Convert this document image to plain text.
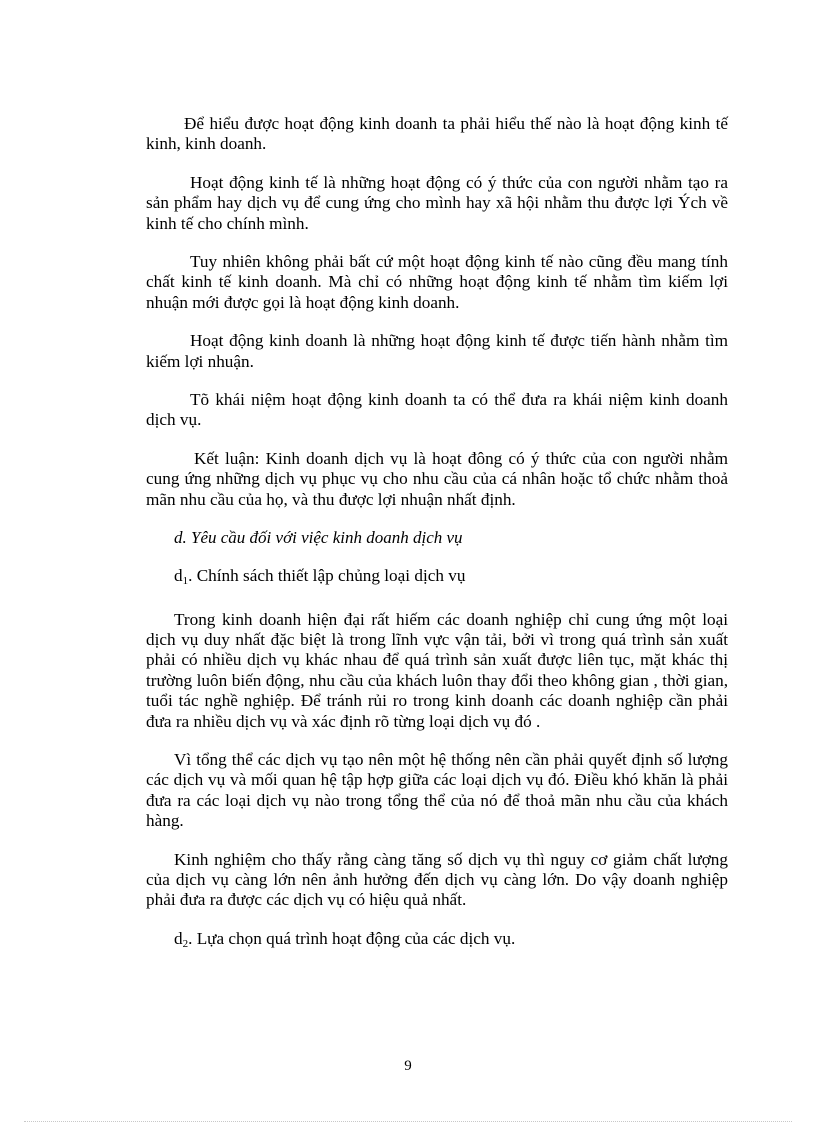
Để hiểu được hoạt động kinh doanh ta phải hiểu thế nào là hoạt động kinh tế kinh, kinh doanh.

Hoạt động kinh tế là những hoạt động có ý thức của con người nhằm tạo ra sản phẩm hay dịch vụ để cung ứng cho mình hay xã hội nhằm thu được lợi Ých về kinh tế cho chính mình.

Tuy nhiên không phải bất cứ một hoạt động kinh tế nào cũng đều mang tính chất kinh tế kinh doanh. Mà chỉ có những hoạt động kinh tế nhằm tìm kiếm lợi nhuận mới được gọi là hoạt động kinh doanh.

Hoạt động kinh doanh là những hoạt động kinh tế được tiến hành nhằm tìm kiếm lợi nhuận.

Tõ khái niệm hoạt động kinh doanh ta có thể đưa ra khái niệm kinh doanh dịch vụ.

Kết luận: Kinh doanh dịch vụ là hoạt đông có ý thức của con người nhằm cung ứng những dịch vụ phục vụ cho nhu cầu của cá nhân hoặc tổ chức nhằm thoả mãn nhu cầu của họ, và thu được lợi nhuận nhất định.

d. Yêu cầu đối với việc kinh doanh dịch vụ

d1. Chính sách thiết lập chủng loại dịch vụ

Trong kinh doanh hiện đại rất hiếm các doanh nghiệp chỉ cung ứng một loại dịch vụ duy nhất đặc biệt là trong lĩnh vực vận tải, bởi vì trong quá trình sản xuất phải có nhiều dịch vụ khác nhau để quá trình sản xuất được liên tục, mặt khác thị trường luôn biến động, nhu cầu của khách luôn thay đổi theo không gian , thời gian, tuổi tác nghề nghiệp. Để tránh rủi ro trong kinh doanh các doanh nghiệp cần phải đưa ra nhiều dịch vụ và xác định rõ từng loại dịch vụ đó .

Vì tổng thể các dịch vụ tạo nên một hệ thống nên cần phải quyết định số lượng các dịch vụ và mối quan hệ tập hợp giữa các loại dịch vụ đó. Điều khó khăn là phải đưa ra các loại dịch vụ nào trong tổng thể của nó để thoả mãn nhu cầu của khách hàng.

Kinh nghiệm cho thấy rằng càng tăng số dịch vụ thì nguy cơ giảm chất lượng của dịch vụ càng lớn nên ảnh hưởng đến dịch vụ càng lớn. Do vậy doanh nghiệp phải đưa ra được các dịch vụ có hiệu quả nhất.

d2. Lựa chọn quá trình hoạt động của các dịch vụ.

9
